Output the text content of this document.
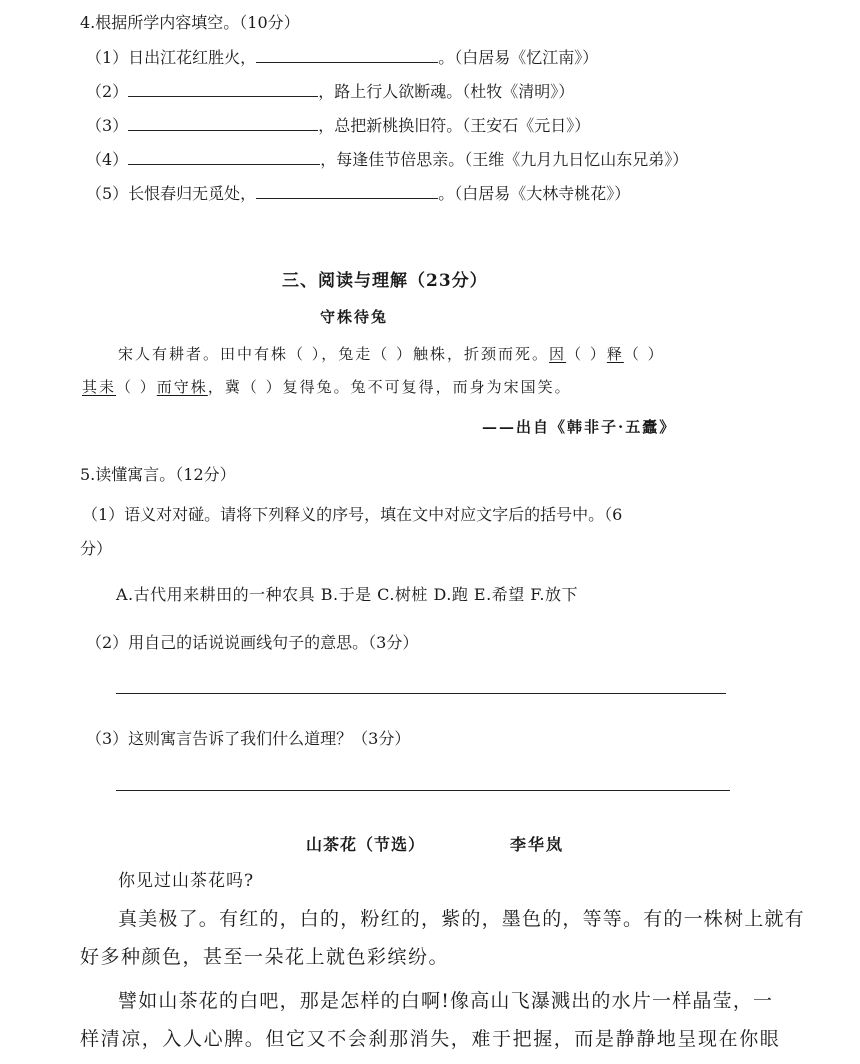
4.根据所学内容填空。（10分）
（1）日出江花红胜火，	。（白居易《忆江南》）
（2）	，路上行人欲断魂。（杜牧《清明》）
（3）	，总把新桃换旧符。（王安石《元日》）
（4）	，每逢佳节倍思亲。（王维《九月九日忆山东兄弟》）
（5）长恨春归无觅处，	。（白居易《大林寺桃花》）
三、阅读与理解（23分）
守株待兔
宋人有耕者。田中有株（ ），兔走（ ）触株，折颈而死。因（ ）释（ ）
其耒（ ）而守株，冀（ ）复得兔。兔不可复得，而身为宋国笑。
——出自《韩非子·五蠹》
5.读懂寓言。（12分）
（1）语义对对碰。请将下列释义的序号，填在文中对应文字后的括号中。（6
分）
A.古代用来耕田的一种农具 B.于是 C.树桩 D.跑 E.希望 F.放下
（2）用自己的话说说画线句子的意思。（3分）
（3）这则寓言告诉了我们什么道理？（3分）
山茶花（节选）	李华岚
你见过山茶花吗?
真美极了。有红的，白的，粉红的，紫的，墨色的，等等。有的一株树上就有
好多种颜色，甚至一朵花上就色彩缤纷。
譬如山茶花的白吧，那是怎样的白啊!像高山飞瀑溅出的水片一样晶莹，一
样清凉，入人心脾。但它又不会刹那消失，难于把握，而是静静地呈现在你眼
